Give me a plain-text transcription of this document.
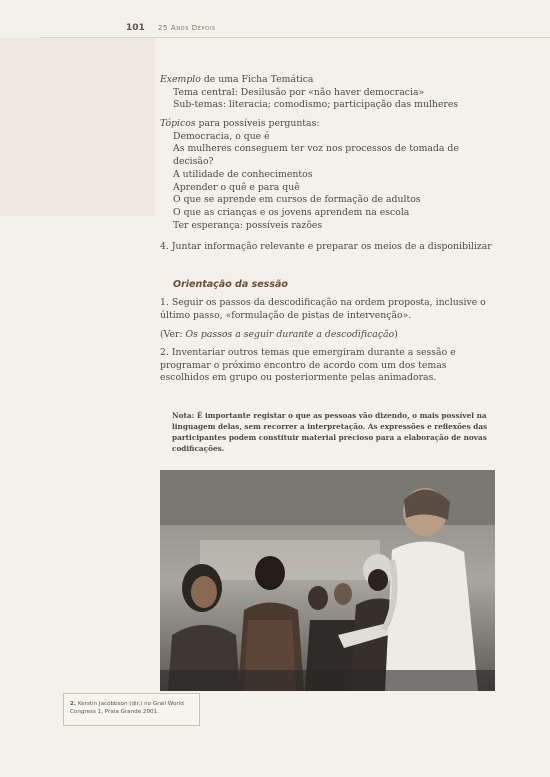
101 25 Anos Depois
Exemplo de uma Ficha Temática
Tema central: Desilusão por «não haver democracia»
Sub-temas: literacia; comodismo; participação das mulheres
Tópicos para possíveis perguntas:
Democracia, o que é
As mulheres conseguem ter voz nos processos de tomada de decisão?
A utilidade de conhecimentos
Aprender o quê e para quê
O que se aprende em cursos de formação de adultos
O que as crianças e os jovens aprendem na escola
Ter esperança: possíveis razões
4. Juntar informação relevante e preparar os meios de a disponibilizar
Orientação da sessão
1. Seguir os passos da descodificação na ordem proposta, inclusive o último passo, «formulação de pistas de intervenção».
(Ver: Os passos a seguir durante a descodificação)
2. Inventariar outros temas que emergiram durante a sessão e programar o próximo encontro de acordo com um dos temas escolhidos em grupo ou posteriormente pelas animadoras.
Nota: É importante registar o que as pessoas vão dizendo, o mais possível na linguagem delas, sem recorrer a interpretação. As expressões e reflexões das participantes podem constituir material precioso para a elaboração de novas codificações.
2. Kerstin Jacobbson (dir.) no Grail World
Congress 1, Praia Grande 2001.
